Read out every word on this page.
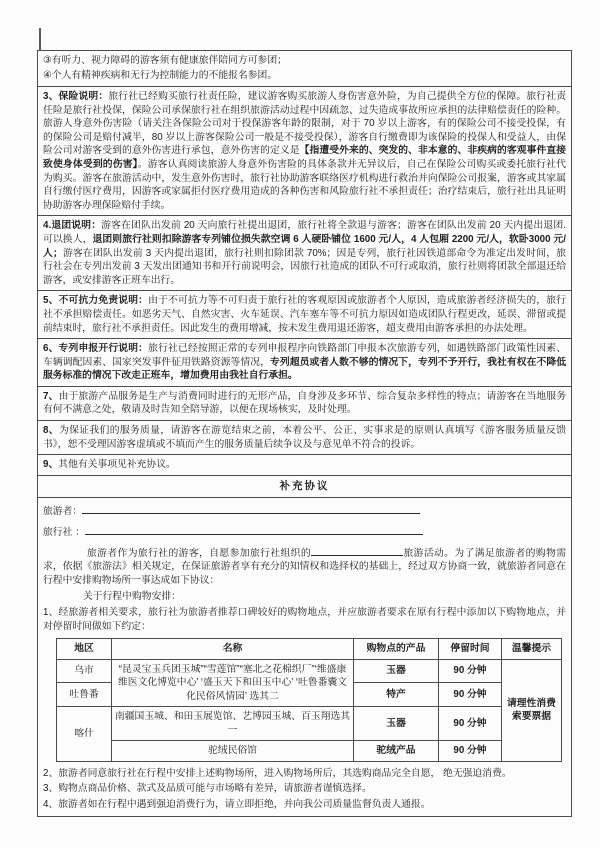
③有听力、视力障碍的游客须有健康旅伴陪同方可参团；
④个人有精神疾病和无行为控制能力的不能报名参团。
3、保险说明：旅行社已经购买旅行社责任险，建议游客购买旅游人身伤害意外险，为自己提供全方位的保障。旅行社责任险是旅行社投保，保险公司承保旅行社在组织旅游活动过程中因疏忽、过失造成事故所应承担的法律赔偿责任的险种。旅游人身意外伤害险（请关注各保险公司对于投保游客年龄的限制，对于 70 岁以上游客，有的保险公司不接受投保，有的保险公司是赔付减半，80 岁以上游客保险公司一般是不接受投保），游客自行缴费即为该保险的投保人和受益人，由保险公司对游客受到的意外伤害进行承包，意外伤害的定义是【指遭受外来的、突发的、非本意的、非疾病的客观事件直接致使身体受到的伤害】。游客认真阅读旅游人身意外伤害险的具体条款并无异议后，自己在保险公司购买或委托旅行社代为购买。游客在旅游活动中，发生意外伤害时，旅行社协助游客联络医疗机构进行救治并向保险公司报案，游客或其家属自行缴付医疗费用，因游客或家属拒付医疗费用造成的各种伤害和风险旅行社不承担责任；治疗结束后，旅行社出具证明协助游客办理保险赔付手续。
4.退团说明：游客在团队出发前 20 天向旅行社提出退团，旅行社将全款退与游客；游客在团队出发前 20 天内提出退团.可以换人，退团则旅行社则扣除游客专列铺位损失款空调 6 人硬卧铺位 1600 元/人，4 人包厢 2200 元/人，软卧3000 元/人；游客在团队出发前 3 天内提出退团，旅行社则扣除团款 70%；因是专列，旅行社因铁道部命令为准定出发时间，旅行社会在专列出发前 3 天发出团通知书和开行前说明会，因旅行社造成的团队不可行或取消，旅行社则将团款全部退还给游客，或安排游客正班车出行。
5、不可抗力免责说明：由于不可抗力等不可归责于旅行社的客观原因或旅游者个人原因，造成旅游者经济损失的，旅行社不承担赔偿责任。如恶劣天气、自然灾害、火车延误、汽车塞车等不可抗力原因如造成团队行程更改，延误、滞留或提前结束时，旅行社不承担责任。因此发生的费用增减，按未发生费用退还游客，超支费用由游客承担的办法处理。
6、专列申报开行说明：旅行社已经按照正常的专列申报程序向铁路部门申报本次旅游专列，如遇铁路部门政策性因素、车辆调配因素、国家突发事件征用铁路资源等情况，专列超员或者人数不够的情况下，专列不予开行，我社有权在不降低服务标准的情况下改走正班车，增加费用由我社自行承担。
7、由于旅游产品服务是生产与消费同时进行的无形产品，自身涉及多环节、综合复杂多样性的特点；请游客在当地服务有何不满意之处，敬请及时告知全陪导游，以便在现场核实，及时处理。
8、为保证我们的服务质量，请游客在游览结束之前，本着公平、公正、实事求是的原则认真填写《游客服务质量反馈书》，恕不受理因游客虚填或不填而产生的服务质量后续争议及与意见单不符合的投诉。
9、其他有关事项见补充协议。
补充协议
旅游者：
旅行社 ：
旅游者作为旅行社的游客，自愿参加旅行社组织的	旅游活动。为了满足旅游者的购物需求，依据《旅游法》相关规定，在保证旅游者享有充分的知情权和选择权的基础上，经过双方协商一致，就旅游者同意在行程中安排购物场所一事达成如下协议：
关于行程中购物安排：
1、经旅游者相关要求，旅行社为旅游者推荐口碑较好的购物地点，并应旅游者要求在原有行程中添加以下购物地点，并对停留时间做如下约定：
地区	名称	购物点的产品	停留时间	温馨提示
乌市	“昆灵宝玉兵团玉城”“雪莲馆”“塞北之花棉织厂”‘维盛康维医文化博览中心’ ‘盛玉天下和田玉中心’ ‘吐鲁番囊文化民俗风情园’ 选其二	玉器	90 分钟	请理性消费
索要票据

吐鲁番		特产	90 分钟	
喀什	南疆国玉城、和田玉展览馆、艺博园玉城、百玉翔选其一	玉器	90 分钟	
	驼绒民俗馆	驼绒产品	90 分钟	
2、旅游者同意旅行社在行程中安排上述购物场所，进入购物场所后，其选购商品完全自愿， 绝无强迫消费。
3、购物点商品价格、款式及品质可能与市场略有差异，请旅游者谨慎选择。
4、旅游者如在行程中遇到强迫消费行为，请立即拒绝，并向我公司质量监督负责人通报。
